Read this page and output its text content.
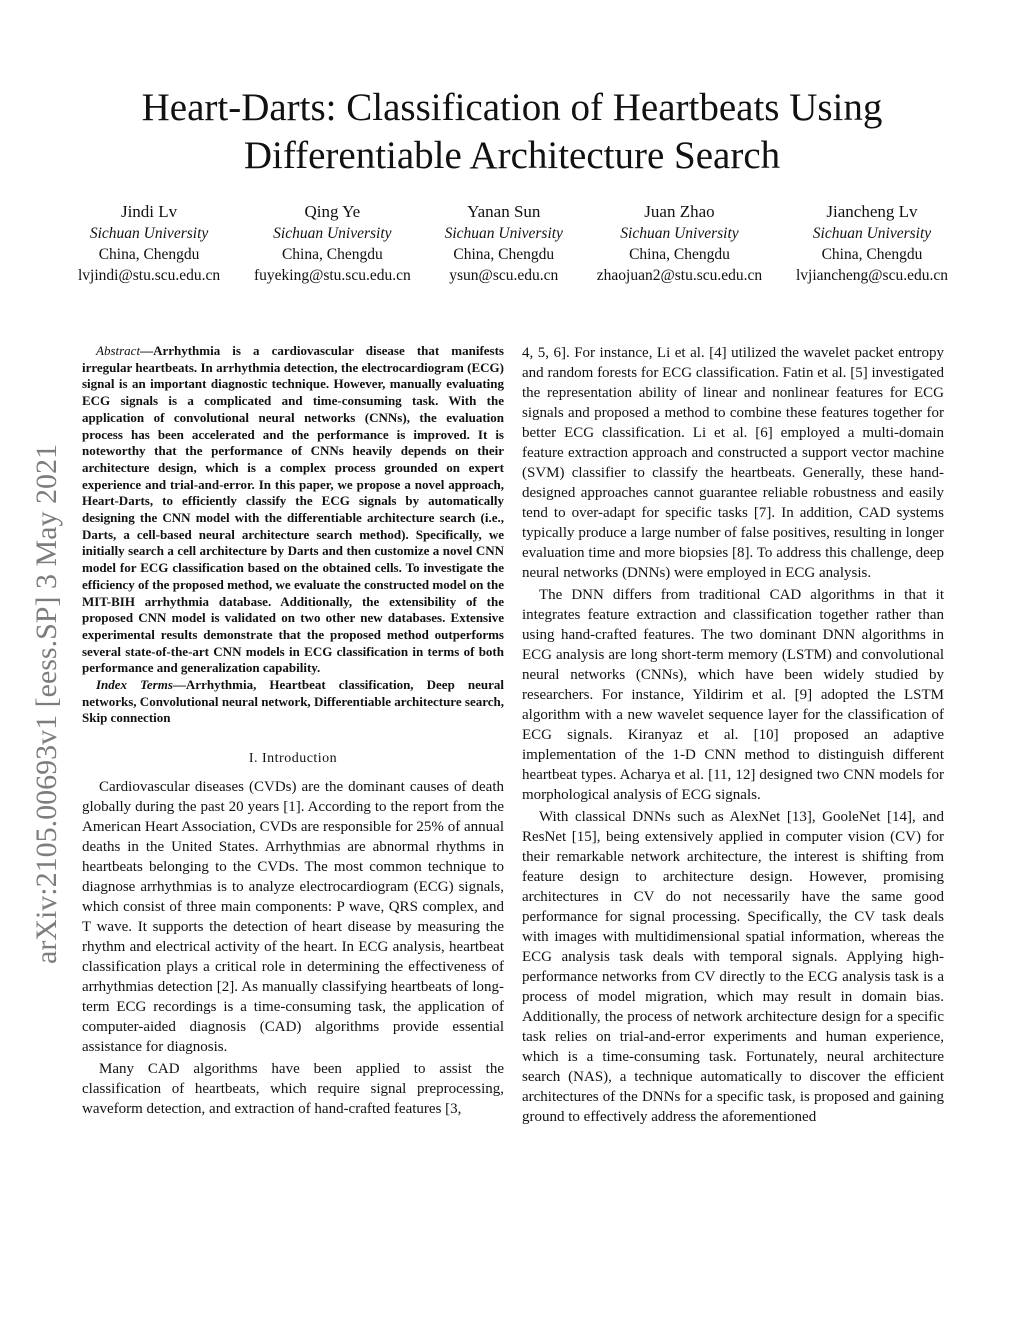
arXiv:2105.00693v1 [eess.SP] 3 May 2021
Heart-Darts: Classification of Heartbeats Using
Differentiable Architecture Search
Jindi Lv
Sichuan University
China, Chengdu
lvjindi@stu.scu.edu.cn
Qing Ye
Sichuan University
China, Chengdu
fuyeking@stu.scu.edu.cn
Yanan Sun
Sichuan University
China, Chengdu
ysun@scu.edu.cn
Juan Zhao
Sichuan University
China, Chengdu
zhaojuan2@stu.scu.edu.cn
Jiancheng Lv
Sichuan University
China, Chengdu
lvjiancheng@scu.edu.cn

Abstract—Arrhythmia is a cardiovascular disease that manifests irregular heartbeats. In arrhythmia detection, the electrocardiogram (ECG) signal is an important diagnostic technique. However, manually evaluating ECG signals is a complicated and time-consuming task. With the application of convolutional neural networks (CNNs), the evaluation process has been accelerated and the performance is improved. It is noteworthy that the performance of CNNs heavily depends on their architecture design, which is a complex process grounded on expert experience and trial-and-error. In this paper, we propose a novel approach, Heart-Darts, to efficiently classify the ECG signals by automatically designing the CNN model with the differentiable architecture search (i.e., Darts, a cell-based neural architecture search method). Specifically, we initially search a cell architecture by Darts and then customize a novel CNN model for ECG classification based on the obtained cells. To investigate the efficiency of the proposed method, we evaluate the constructed model on the MIT-BIH arrhythmia database. Additionally, the extensibility of the proposed CNN model is validated on two other new databases. Extensive experimental results demonstrate that the proposed method outperforms several state-of-the-art CNN models in ECG classification in terms of both performance and generalization capability.

Index Terms—Arrhythmia, Heartbeat classification, Deep neural networks, Convolutional neural network, Differentiable architecture search, Skip connection

I. Introduction

Cardiovascular diseases (CVDs) are the dominant causes of death globally during the past 20 years [1]. According to the report from the American Heart Association, CVDs are responsible for 25% of annual deaths in the United States. Arrhythmias are abnormal rhythms in heartbeats belonging to the CVDs. The most common technique to diagnose arrhythmias is to analyze electrocardiogram (ECG) signals, which consist of three main components: P wave, QRS complex, and T wave. It supports the detection of heart disease by measuring the rhythm and electrical activity of the heart. In ECG analysis, heartbeat classification plays a critical role in determining the effectiveness of arrhythmias detection [2]. As manually classifying heartbeats of long-term ECG recordings is a time-consuming task, the application of computer-aided diagnosis (CAD) algorithms provide essential assistance for diagnosis.

Many CAD algorithms have been applied to assist the classification of heartbeats, which require signal preprocessing, waveform detection, and extraction of hand-crafted features [3,

4, 5, 6]. For instance, Li et al. [4] utilized the wavelet packet entropy and random forests for ECG classification. Fatin et al. [5] investigated the representation ability of linear and nonlinear features for ECG signals and proposed a method to combine these features together for better ECG classification. Li et al. [6] employed a multi-domain feature extraction approach and constructed a support vector machine (SVM) classifier to classify the heartbeats. Generally, these hand-designed approaches cannot guarantee reliable robustness and easily tend to over-adapt for specific tasks [7]. In addition, CAD systems typically produce a large number of false positives, resulting in longer evaluation time and more biopsies [8]. To address this challenge, deep neural networks (DNNs) were employed in ECG analysis.

The DNN differs from traditional CAD algorithms in that it integrates feature extraction and classification together rather than using hand-crafted features. The two dominant DNN algorithms in ECG analysis are long short-term memory (LSTM) and convolutional neural networks (CNNs), which have been widely studied by researchers. For instance, Yildirim et al. [9] adopted the LSTM algorithm with a new wavelet sequence layer for the classification of ECG signals. Kiranyaz et al. [10] proposed an adaptive implementation of the 1-D CNN method to distinguish different heartbeat types. Acharya et al. [11, 12] designed two CNN models for morphological analysis of ECG signals.

With classical DNNs such as AlexNet [13], GooleNet [14], and ResNet [15], being extensively applied in computer vision (CV) for their remarkable network architecture, the interest is shifting from feature design to architecture design. However, promising architectures in CV do not necessarily have the same good performance for signal processing. Specifically, the CV task deals with images with multidimensional spatial information, whereas the ECG analysis task deals with temporal signals. Applying high-performance networks from CV directly to the ECG analysis task is a process of model migration, which may result in domain bias. Additionally, the process of network architecture design for a specific task relies on trial-and-error experiments and human experience, which is a time-consuming task. Fortunately, neural architecture search (NAS), a technique automatically to discover the efficient architectures of the DNNs for a specific task, is proposed and gaining ground to effectively address the aforementioned
